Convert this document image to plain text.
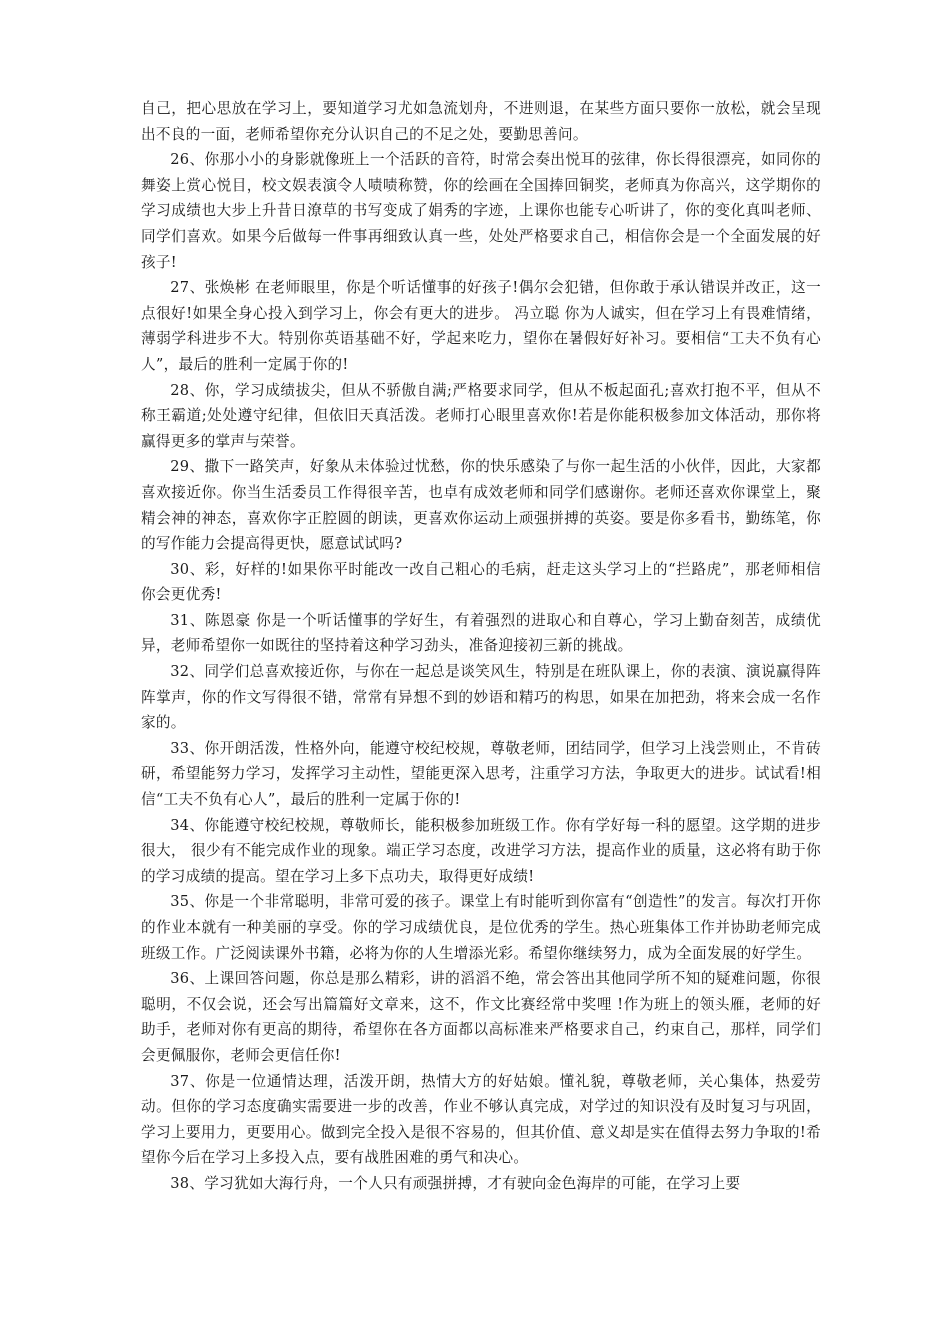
自己，把心思放在学习上，要知道学习尤如急流划舟，不进则退，在某些方面只要你一放松，就会呈现出不良的一面，老师希望你充分认识自己的不足之处，要勤思善问。

26、你那小小的身影就像班上一个活跃的音符，时常会奏出悦耳的弦律，你长得很漂亮，如同你的舞姿上赏心悦目，校文娱表演令人啧啧称赞，你的绘画在全国捧回铜奖，老师真为你高兴，这学期你的学习成绩也大步上升昔日潦草的书写变成了娟秀的字迹，上课你也能专心听讲了，你的变化真叫老师、同学们喜欢。如果今后做每一件事再细致认真一些，处处严格要求自己，相信你会是一个全面发展的好孩子!

27、张焕彬 在老师眼里，你是个听话懂事的好孩子!偶尔会犯错，但你敢于承认错误并改正，这一点很好!如果全身心投入到学习上，你会有更大的进步。 冯立聪 你为人诚实，但在学习上有畏难情绪，薄弱学科进步不大。特别你英语基础不好，学起来吃力，望你在暑假好好补习。要相信“工夫不负有心人”，最后的胜利一定属于你的!

28、你，学习成绩拔尖，但从不骄傲自满;严格要求同学，但从不板起面孔;喜欢打抱不平，但从不称王霸道;处处遵守纪律，但依旧天真活泼。老师打心眼里喜欢你!若是你能积极参加文体活动，那你将赢得更多的掌声与荣誉。

29、撒下一路笑声，好象从未体验过忧愁，你的快乐感染了与你一起生活的小伙伴，因此，大家都喜欢接近你。你当生活委员工作得很辛苦，也卓有成效老师和同学们感谢你。老师还喜欢你课堂上，聚精会神的神态，喜欢你字正腔圆的朗读，更喜欢你运动上顽强拼搏的英姿。要是你多看书，勤练笔，你的写作能力会提高得更快，愿意试试吗?

30、彩，好样的!如果你平时能改一改自己粗心的毛病，赶走这头学习上的“拦路虎”，那老师相信你会更优秀!

31、陈恩豪 你是一个听话懂事的学好生，有着强烈的进取心和自尊心，学习上勤奋刻苦，成绩优异，老师希望你一如既往的坚持着这种学习劲头，准备迎接初三新的挑战。

32、同学们总喜欢接近你，与你在一起总是谈笑风生，特别是在班队课上，你的表演、演说赢得阵阵掌声，你的作文写得很不错，常常有异想不到的妙语和精巧的构思，如果在加把劲，将来会成一名作家的。

33、你开朗活泼，性格外向，能遵守校纪校规，尊敬老师，团结同学，但学习上浅尝则止，不肯砖研，希望能努力学习，发挥学习主动性，望能更深入思考，注重学习方法，争取更大的进步。试试看!相信“工夫不负有心人”，最后的胜利一定属于你的!

34、你能遵守校纪校规，尊敬师长，能积极参加班级工作。你有学好每一科的愿望。这学期的进步很大， 很少有不能完成作业的现象。端正学习态度，改进学习方法，提高作业的质量，这必将有助于你的学习成绩的提高。望在学习上多下点功夫，取得更好成绩!

35、你是一个非常聪明，非常可爱的孩子。课堂上有时能听到你富有“创造性”的发言。每次打开你的作业本就有一种美丽的享受。你的学习成绩优良，是位优秀的学生。热心班集体工作并协助老师完成班级工作。广泛阅读课外书籍，必将为你的人生增添光彩。希望你继续努力，成为全面发展的好学生。

36、上课回答问题，你总是那么精彩，讲的滔滔不绝，常会答出其他同学所不知的疑难问题，你很聪明，不仅会说，还会写出篇篇好文章来，这不，作文比赛经常中奖哩 !作为班上的领头雁，老师的好助手，老师对你有更高的期待，希望你在各方面都以高标准来严格要求自己，约束自己，那样，同学们会更佩服你，老师会更信任你!

37、你是一位通情达理，活泼开朗，热情大方的好姑娘。懂礼貌，尊敬老师，关心集体，热爱劳动。但你的学习态度确实需要进一步的改善，作业不够认真完成，对学过的知识没有及时复习与巩固，学习上要用力，更要用心。做到完全投入是很不容易的，但其价值、意义却是实在值得去努力争取的!希望你今后在学习上多投入点，要有战胜困难的勇气和决心。

38、学习犹如大海行舟，一个人只有顽强拼搏，才有驶向金色海岸的可能，在学习上要
